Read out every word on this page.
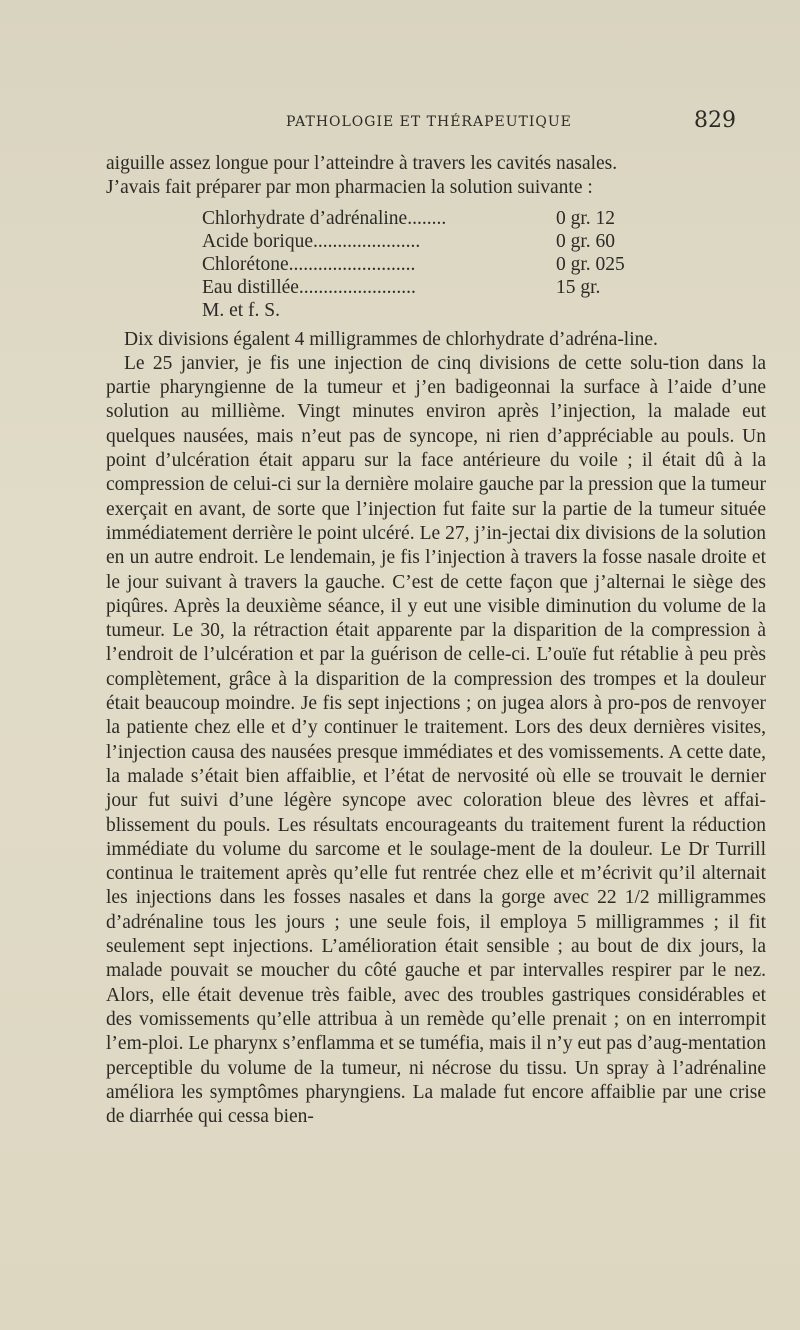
PATHOLOGIE ET THÉRAPEUTIQUE	829

aiguille assez longue pour l’atteindre à travers les cavités nasales.

J’avais fait préparer par mon pharmacien la solution suivante :

Chlorhydrate d’adrénaline........	0 gr. 12
Acide borique......................	0 gr. 60
Chlorétone..........................	0 gr. 025
Eau distillée........................	15 gr.
M. et f. S.

Dix divisions égalent 4 milligrammes de chlorhydrate d’adréna-line.

Le 25 janvier, je fis une injection de cinq divisions de cette solu-tion dans la partie pharyngienne de la tumeur et j’en badigeonnai la surface à l’aide d’une solution au millième. Vingt minutes environ après l’injection, la malade eut quelques nausées, mais n’eut pas de syncope, ni rien d’appréciable au pouls. Un point d’ulcération était apparu sur la face antérieure du voile ; il était dû à la compression de celui-ci sur la dernière molaire gauche par la pression que la tumeur exerçait en avant, de sorte que l’injection fut faite sur la partie de la tumeur située immédiatement derrière le point ulcéré. Le 27, j’in-jectai dix divisions de la solution en un autre endroit. Le lendemain, je fis l’injection à travers la fosse nasale droite et le jour suivant à travers la gauche. C’est de cette façon que j’alternai le siège des piqûres. Après la deuxième séance, il y eut une visible diminution du volume de la tumeur. Le 30, la rétraction était apparente par la disparition de la compression à l’endroit de l’ulcération et par la guérison de celle-ci. L’ouïe fut rétablie à peu près complètement, grâce à la disparition de la compression des trompes et la douleur était beaucoup moindre. Je fis sept injections ; on jugea alors à pro-pos de renvoyer la patiente chez elle et d’y continuer le traitement. Lors des deux dernières visites, l’injection causa des nausées presque immédiates et des vomissements. A cette date, la malade s’était bien affaiblie, et l’état de nervosité où elle se trouvait le dernier jour fut suivi d’une légère syncope avec coloration bleue des lèvres et affai-blissement du pouls. Les résultats encourageants du traitement furent la réduction immédiate du volume du sarcome et le soulage-ment de la douleur. Le Dr Turrill continua le traitement après qu’elle fut rentrée chez elle et m’écrivit qu’il alternait les injections dans les fosses nasales et dans la gorge avec 22 1/2 milligrammes d’adrénaline tous les jours ; une seule fois, il employa 5 milligrammes ; il fit seulement sept injections. L’amélioration était sensible ; au bout de dix jours, la malade pouvait se moucher du côté gauche et par intervalles respirer par le nez. Alors, elle était devenue très faible, avec des troubles gastriques considérables et des vomissements qu’elle attribua à un remède qu’elle prenait ; on en interrompit l’em-ploi. Le pharynx s’enflamma et se tuméfia, mais il n’y eut pas d’aug-mentation perceptible du volume de la tumeur, ni nécrose du tissu. Un spray à l’adrénaline améliora les symptômes pharyngiens. La malade fut encore affaiblie par une crise de diarrhée qui cessa bien-
